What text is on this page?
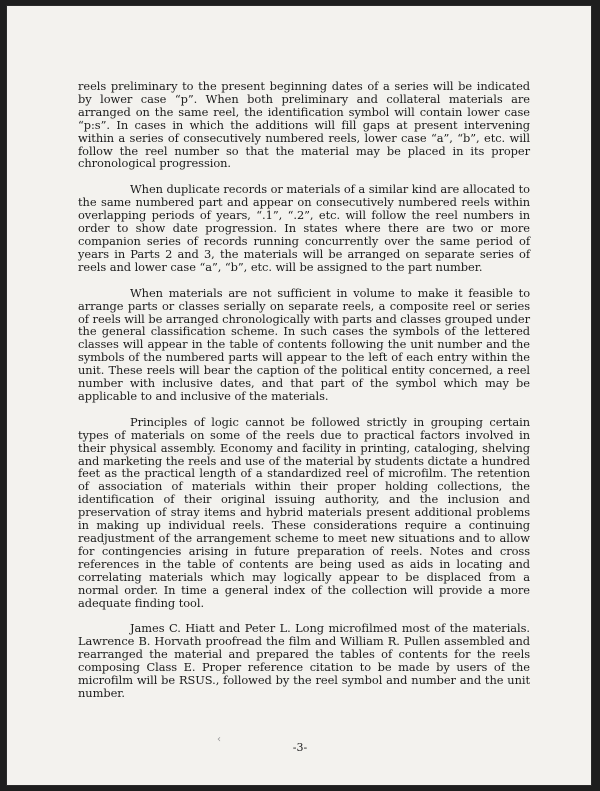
reels preliminary to the present beginning dates of a series will be indicated by lower case “p”. When both preliminary and collateral materials are arranged on the same reel, the identification symbol will contain lower case “p:s”. In cases in which the additions will fill gaps at present intervening within a series of consecutively numbered reels, lower case “a”, “b”, etc. will follow the reel number so that the material may be placed in its proper chronological progression.

When duplicate records or materials of a similar kind are allocated to the same numbered part and appear on consecutively numbered reels within overlapping periods of years, “.1”, “.2”, etc. will follow the reel numbers in order to show date progression. In states where there are two or more companion series of records running concurrently over the same period of years in Parts 2 and 3, the materials will be arranged on separate series of reels and lower case “a”, “b”, etc. will be assigned to the part number.

When materials are not sufficient in volume to make it feasible to arrange parts or classes serially on separate reels, a composite reel or series of reels will be arranged chronologically with parts and classes grouped under the general classification scheme. In such cases the symbols of the lettered classes will appear in the table of contents following the unit number and the symbols of the numbered parts will appear to the left of each entry within the unit. These reels will bear the caption of the political entity concerned, a reel number with inclusive dates, and that part of the symbol which may be applicable to and inclusive of the materials.

Principles of logic cannot be followed strictly in grouping certain types of materials on some of the reels due to practical factors involved in their physical assembly. Economy and facility in printing, cataloging, shelving and marketing the reels and use of the material by students dictate a hundred feet as the practical length of a standardized reel of microfilm. The retention of association of materials within their proper holding collections, the identification of their original issuing authority, and the inclusion and preservation of stray items and hybrid materials present additional problems in making up individual reels. These considerations require a continuing readjustment of the arrangement scheme to meet new situations and to allow for contingencies arising in future preparation of reels. Notes and cross references in the table of contents are being used as aids in locating and correlating materials which may logically appear to be displaced from a normal order. In time a general index of the collection will provide a more adequate finding tool.

James C. Hiatt and Peter L. Long microfilmed most of the materials. Lawrence B. Horvath proofread the film and William R. Pullen assembled and rearranged the material and prepared the tables of contents for the reels composing Class E. Proper reference citation to be made by users of the microfilm will be RSUS., followed by the reel symbol and number and the unit number.

-3-
‹
